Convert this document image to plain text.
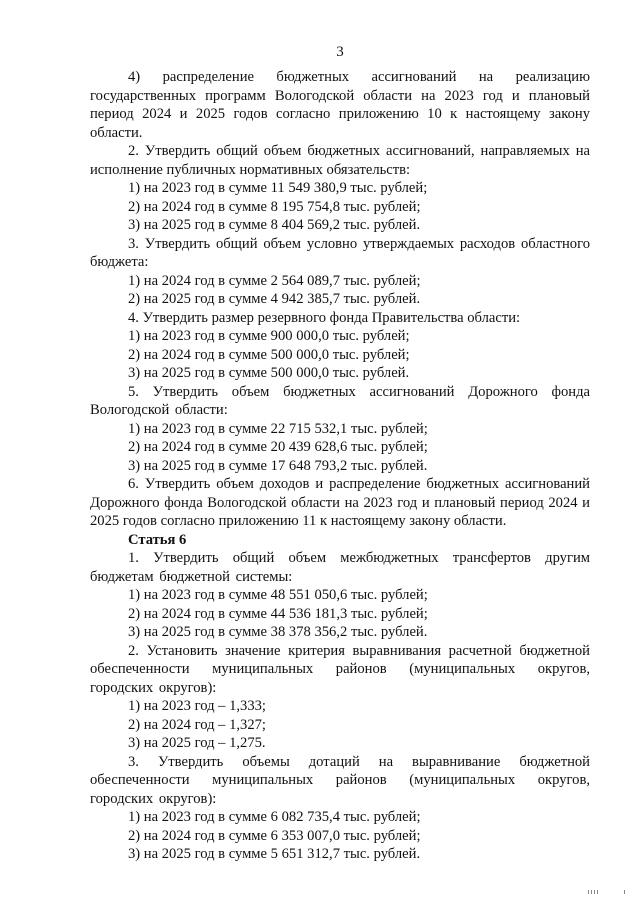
3

4) распределение бюджетных ассигнований на реализацию государственных программ Вологодской области на 2023 год и плановый период 2024 и 2025 годов согласно приложению 10 к настоящему закону области.

2. Утвердить общий объем бюджетных ассигнований, направляемых на исполнение публичных нормативных обязательств:

1) на 2023 год в сумме 11 549 380,9 тыс. рублей;

2) на 2024 год в сумме 8 195 754,8 тыс. рублей;

3) на 2025 год в сумме 8 404 569,2 тыс. рублей.

3. Утвердить общий объем условно утверждаемых расходов областного бюджета:

1) на 2024 год в сумме 2 564 089,7 тыс. рублей;

2) на 2025 год в сумме 4 942 385,7 тыс. рублей.

4. Утвердить размер резервного фонда Правительства области:

1) на 2023 год в сумме 900 000,0 тыс. рублей;

2) на 2024 год в сумме 500 000,0 тыс. рублей;

3) на 2025 год в сумме 500 000,0 тыс. рублей.

5. Утвердить объем бюджетных ассигнований Дорожного фонда Вологодской области:

1) на 2023 год в сумме 22 715 532,1 тыс. рублей;

2) на 2024 год в сумме 20 439 628,6 тыс. рублей;

3) на 2025 год в сумме 17 648 793,2 тыс. рублей.

6. Утвердить объем доходов и распределение бюджетных ассигнований Дорожного фонда Вологодской области на 2023 год и плановый период 2024 и 2025 годов согласно приложению 11 к настоящему закону области.

Статья 6

1. Утвердить общий объем межбюджетных трансфертов другим бюджетам бюджетной системы:

1) на 2023 год в сумме 48 551 050,6 тыс. рублей;

2) на 2024 год в сумме 44 536 181,3 тыс. рублей;

3) на 2025 год в сумме 38 378 356,2 тыс. рублей.

2. Установить значение критерия выравнивания расчетной бюджетной обеспеченности муниципальных районов (муниципальных округов, городских округов):

1) на 2023 год – 1,333;

2) на 2024 год – 1,327;

3) на 2025 год – 1,275.

3. Утвердить объемы дотаций на выравнивание бюджетной обеспеченности муниципальных районов (муниципальных округов, городских округов):

1) на 2023 год в сумме 6 082 735,4 тыс. рублей;

2) на 2024 год в сумме 6 353 007,0 тыс. рублей;

3) на 2025 год в сумме 5 651 312,7 тыс. рублей.
